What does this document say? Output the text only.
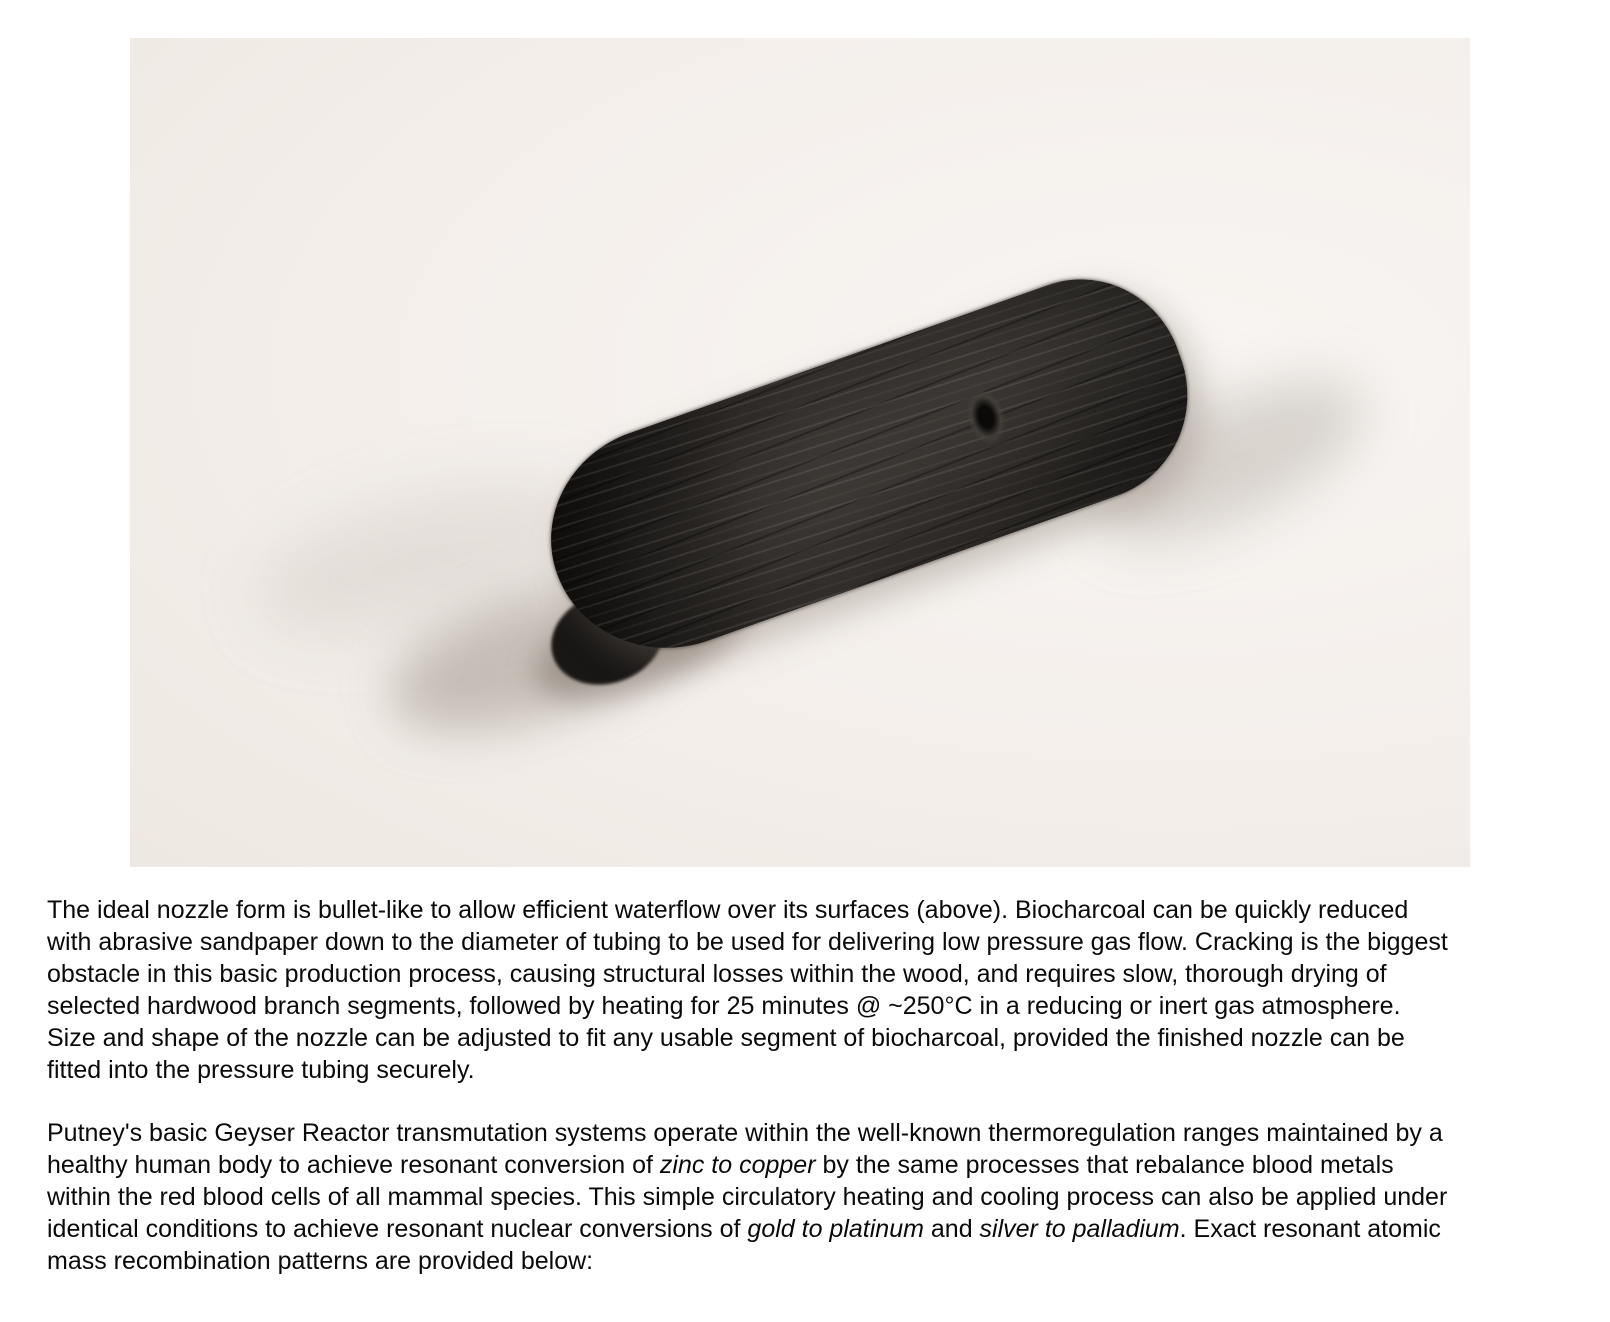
The ideal nozzle form is bullet-like to allow efficient waterflow over its surfaces (above). Biocharcoal can be quickly reduced
with abrasive sandpaper down to the diameter of tubing to be used for delivering low pressure gas flow. Cracking is the biggest
obstacle in this basic production process, causing structural losses within the wood, and requires slow, thorough drying of
selected hardwood branch segments, followed by heating for 25 minutes @ ~250°C in a reducing or inert gas atmosphere.
Size and shape of the nozzle can be adjusted to fit any usable segment of biocharcoal, provided the finished nozzle can be
fitted into the pressure tubing securely.

Putney's basic Geyser Reactor transmutation systems operate within the well-known thermoregulation ranges maintained by a
healthy human body to achieve resonant conversion of zinc to copper by the same processes that rebalance blood metals
within the red blood cells of all mammal species. This simple circulatory heating and cooling process can also be applied under
identical conditions to achieve resonant nuclear conversions of gold to platinum and silver to palladium. Exact resonant atomic
mass recombination patterns are provided below:
